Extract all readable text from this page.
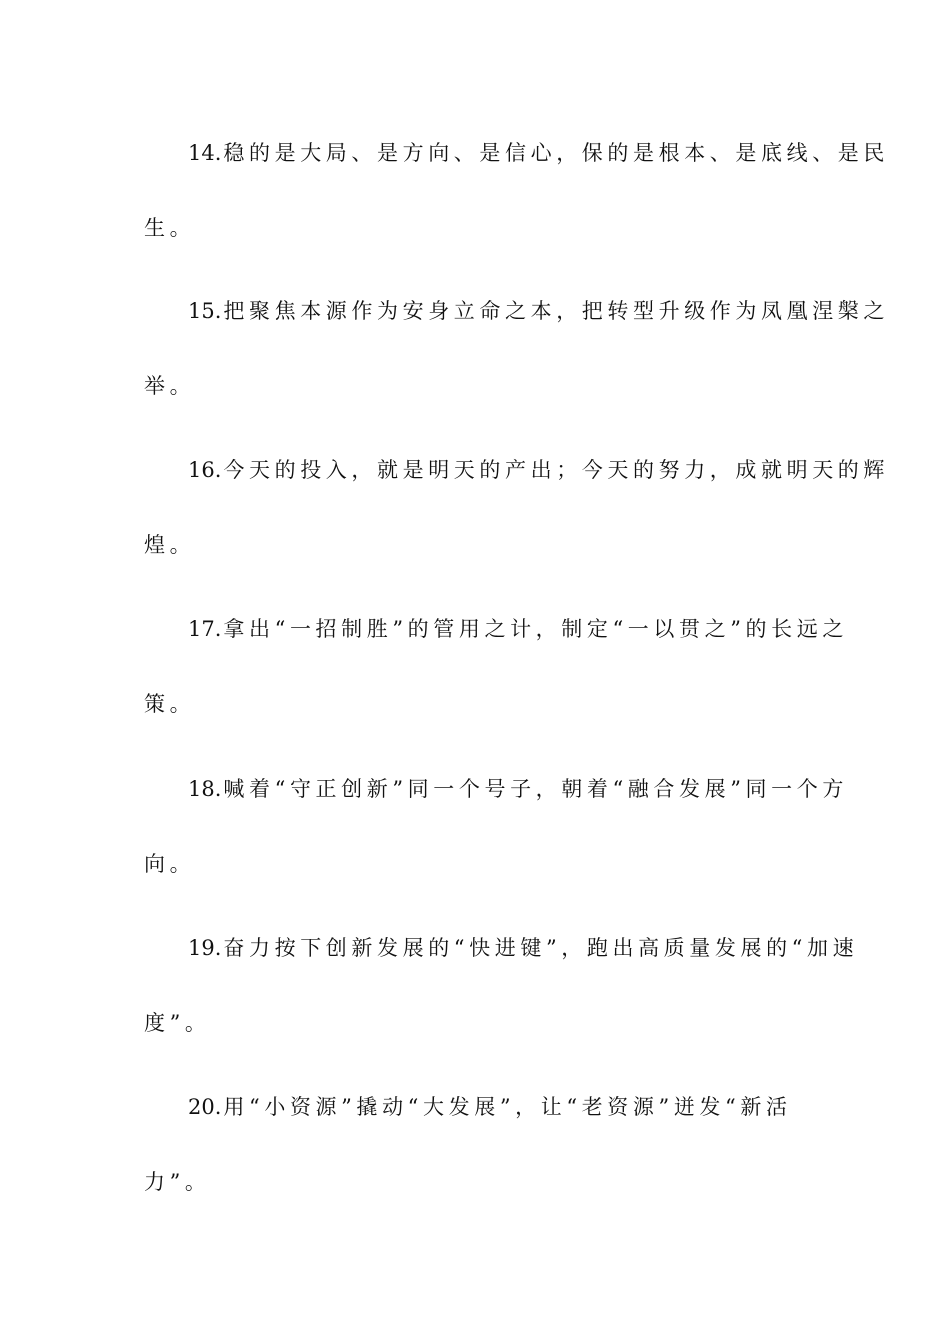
14.稳的是大局、是方向、是信心，保的是根本、是底线、是民
生。
15.把聚焦本源作为安身立命之本，把转型升级作为凤凰涅槃之
举。
16.今天的投入，就是明天的产出；今天的努力，成就明天的辉
煌。
17.拿出“一招制胜”的管用之计，制定“一以贯之”的长远之
策。
18.喊着“守正创新”同一个号子，朝着“融合发展”同一个方
向。
19.奋力按下创新发展的“快进键”，跑出高质量发展的“加速
度”。
20.用“小资源”撬动“大发展”，让“老资源”迸发“新活
力”。
